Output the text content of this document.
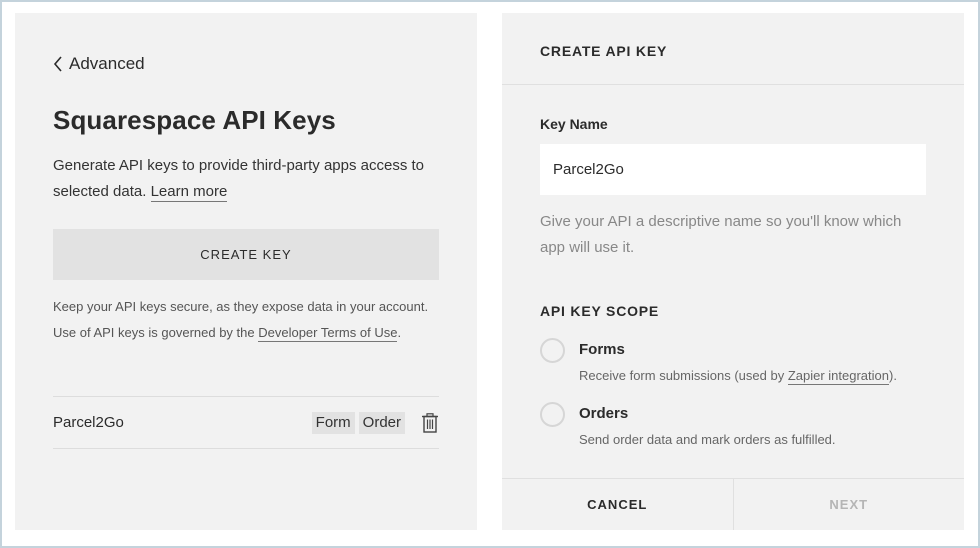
Advanced
Squarespace API Keys

Generate API keys to provide third-party apps access to selected data. Learn more

CREATE KEY

Keep your API keys secure, as they expose data in your account. Use of API keys is governed by the Developer Terms of Use.

Parcel2Go	Form Order
CREATE API KEY
Key Name
Parcel2Go

Give your API a descriptive name so you'll know which app will use it.

API KEY SCOPE
Forms
Receive form submissions (used by Zapier integration).
Orders
Send order data and mark orders as fulfilled.
CANCEL	NEXT
